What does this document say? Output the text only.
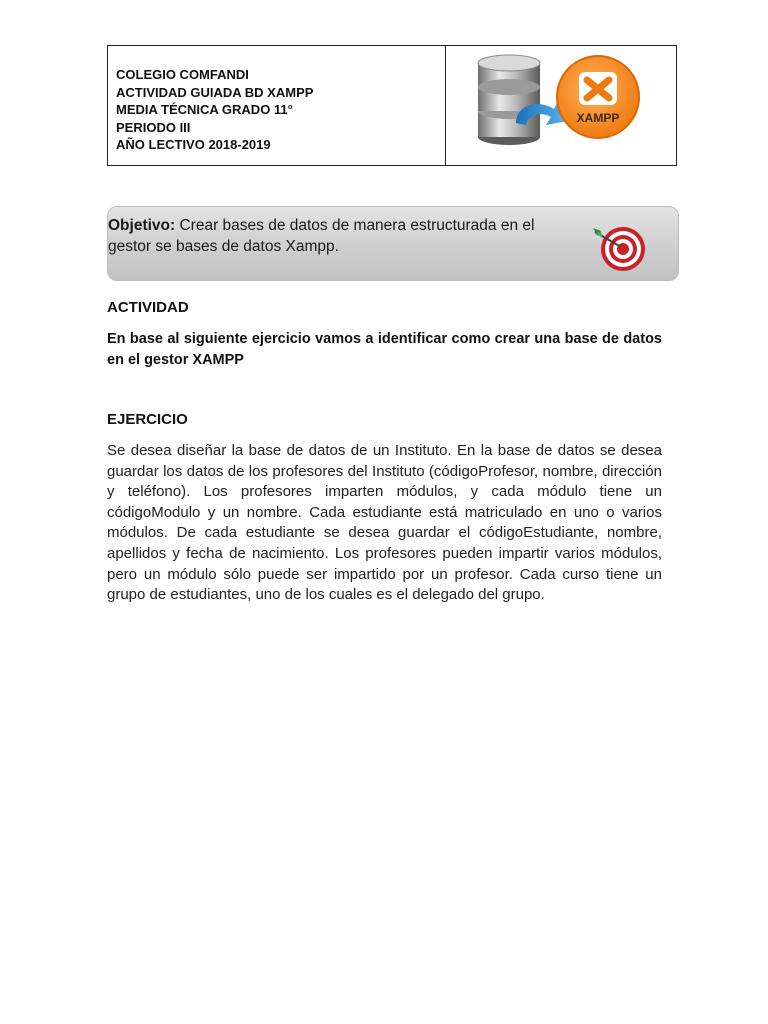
COLEGIO COMFANDI
ACTIVIDAD GUIADA BD XAMPP
MEDIA TÉCNICA GRADO 11°
PERIODO III
AÑO LECTIVO 2018-2019
XAMPP
Objetivo: Crear bases de datos de manera estructurada en el gestor se bases de datos Xampp.
ACTIVIDAD
En base al siguiente ejercicio vamos a identificar como crear una base de datos en el gestor XAMPP
EJERCICIO
Se desea diseñar la base de datos de un Instituto. En la base de datos se desea guardar los datos de los profesores del Instituto (códigoProfesor, nombre, dirección y teléfono). Los profesores imparten módulos, y cada módulo tiene un códigoModulo y un nombre. Cada estudiante está matriculado en uno o varios módulos. De cada estudiante se desea guardar el códigoEstudiante, nombre, apellidos y fecha de nacimiento. Los profesores pueden impartir varios módulos, pero un módulo sólo puede ser impartido por un profesor. Cada curso tiene un grupo de estudiantes, uno de los cuales es el delegado del grupo.
